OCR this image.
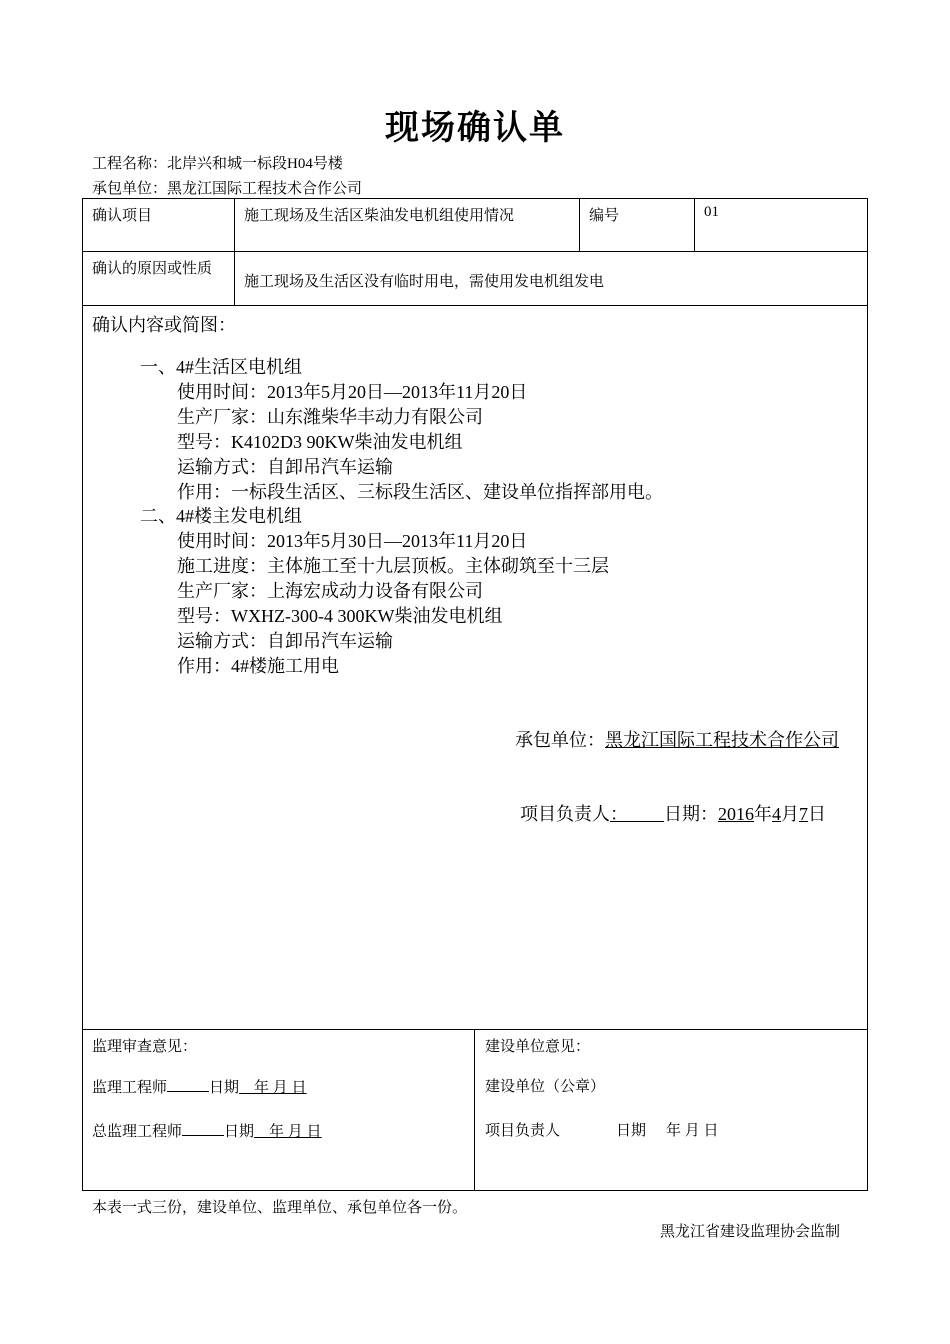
现场确认单
工程名称：北岸兴和城一标段H04号楼
承包单位：黑龙江国际工程技术合作公司
确认项目	施工现场及生活区柴油发电机组使用情况	编号	01
确认的原因或性质
施工现场及生活区没有临时用电，需使用发电机组发电
确认内容或简图：
一、4#生活区电机组
使用时间：2013年5月20日—2013年11月20日
生产厂家：山东潍柴华丰动力有限公司
型号：K4102D3 90KW柴油发电机组
运输方式：自卸吊汽车运输
作用：一标段生活区、三标段生活区、建设单位指挥部用电。
二、4#楼主发电机组
使用时间：2013年5月30日—2013年11月20日
施工进度：主体施工至十九层顶板。主体砌筑至十三层
生产厂家：上海宏成动力设备有限公司
型号：WXHZ-300-4 300KW柴油发电机组
运输方式：自卸吊汽车运输
作用：4#楼施工用电
承包单位：黑龙江国际工程技术合作公司
项目负责人：   日期：2016年4月7日
监理审查意见：
监理工程师	日期  年 月 日
总监理工程师	日期  年 月 日
建设单位意见：
建设单位（公章）
项目负责人	日期 年 月 日
本表一式三份，建设单位、监理单位、承包单位各一份。
黑龙江省建设监理协会监制
